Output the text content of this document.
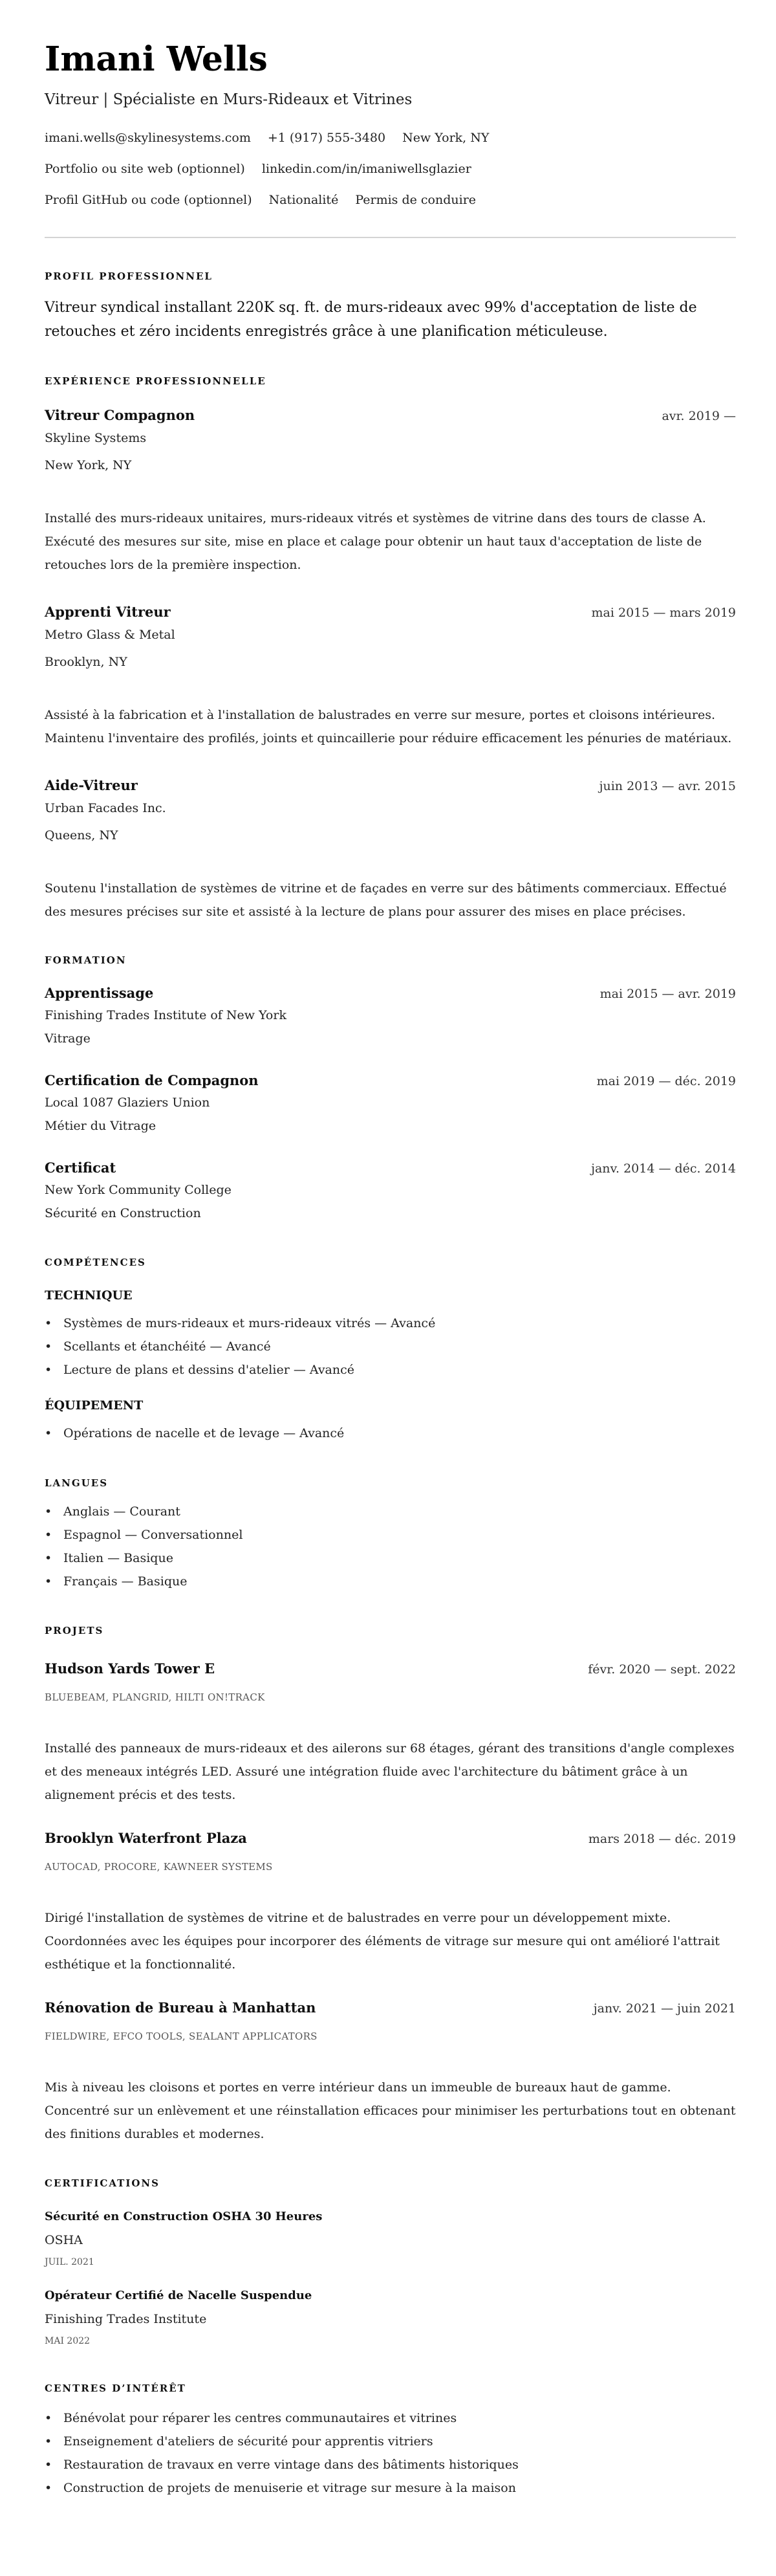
Imani Wells
Vitreur | Spécialiste en Murs-Rideaux et Vitrines
imani.wells@skylinesystems.com +1 (917) 555-3480 New York, NY
Portfolio ou site web (optionnel) linkedin.com/in/imaniwellsglazier
Profil GitHub ou code (optionnel) Nationalité Permis de conduire
PROFIL PROFESSIONNEL

Vitreur syndical installant 220K sq. ft. de murs-rideaux avec 99% d'acceptation de liste de retouches et zéro incidents enregistrés grâce à une planification méticuleuse.

EXPÉRIENCE PROFESSIONNELLE
Vitreur Compagnon	avr. 2019 —
Skyline Systems
New York, NY
Installé des murs-rideaux unitaires, murs-rideaux vitrés et systèmes de vitrine dans des tours de classe A. Exécuté des mesures sur site, mise en place et calage pour obtenir un haut taux d'acceptation de liste de retouches lors de la première inspection.
Apprenti Vitreur	mai 2015 — mars 2019
Metro Glass & Metal
Brooklyn, NY
Assisté à la fabrication et à l'installation de balustrades en verre sur mesure, portes et cloisons intérieures. Maintenu l'inventaire des profilés, joints et quincaillerie pour réduire efficacement les pénuries de matériaux.
Aide-Vitreur	juin 2013 — avr. 2015
Urban Facades Inc.
Queens, NY
Soutenu l'installation de systèmes de vitrine et de façades en verre sur des bâtiments commerciaux. Effectué des mesures précises sur site et assisté à la lecture de plans pour assurer des mises en place précises.
FORMATION
Apprentissage	mai 2015 — avr. 2019
Finishing Trades Institute of New York
Vitrage
Certification de Compagnon	mai 2019 — déc. 2019
Local 1087 Glaziers Union
Métier du Vitrage
Certificat	janv. 2014 — déc. 2014
New York Community College
Sécurité en Construction
COMPÉTENCES
TECHNIQUE
• Systèmes de murs-rideaux et murs-rideaux vitrés — Avancé
• Scellants et étanchéité — Avancé
• Lecture de plans et dessins d'atelier — Avancé
ÉQUIPEMENT
• Opérations de nacelle et de levage — Avancé
LANGUES
• Anglais — Courant
• Espagnol — Conversationnel
• Italien — Basique
• Français — Basique
PROJETS
Hudson Yards Tower E	févr. 2020 — sept. 2022
BLUEBEAM, PLANGRID, HILTI ON!TRACK
Installé des panneaux de murs-rideaux et des ailerons sur 68 étages, gérant des transitions d'angle complexes et des meneaux intégrés LED. Assuré une intégration fluide avec l'architecture du bâtiment grâce à un alignement précis et des tests.
Brooklyn Waterfront Plaza	mars 2018 — déc. 2019
AUTOCAD, PROCORE, KAWNEER SYSTEMS
Dirigé l'installation de systèmes de vitrine et de balustrades en verre pour un développement mixte. Coordonnées avec les équipes pour incorporer des éléments de vitrage sur mesure qui ont amélioré l'attrait esthétique et la fonctionnalité.
Rénovation de Bureau à Manhattan	janv. 2021 — juin 2021
FIELDWIRE, EFCO TOOLS, SEALANT APPLICATORS
Mis à niveau les cloisons et portes en verre intérieur dans un immeuble de bureaux haut de gamme. Concentré sur un enlèvement et une réinstallation efficaces pour minimiser les perturbations tout en obtenant des finitions durables et modernes.
CERTIFICATIONS
Sécurité en Construction OSHA 30 Heures
OSHA
JUIL. 2021
Opérateur Certifié de Nacelle Suspendue
Finishing Trades Institute
MAI 2022
CENTRES D’INTÉRÊT
• Bénévolat pour réparer les centres communautaires et vitrines
• Enseignement d'ateliers de sécurité pour apprentis vitriers
• Restauration de travaux en verre vintage dans des bâtiments historiques
• Construction de projets de menuiserie et vitrage sur mesure à la maison
